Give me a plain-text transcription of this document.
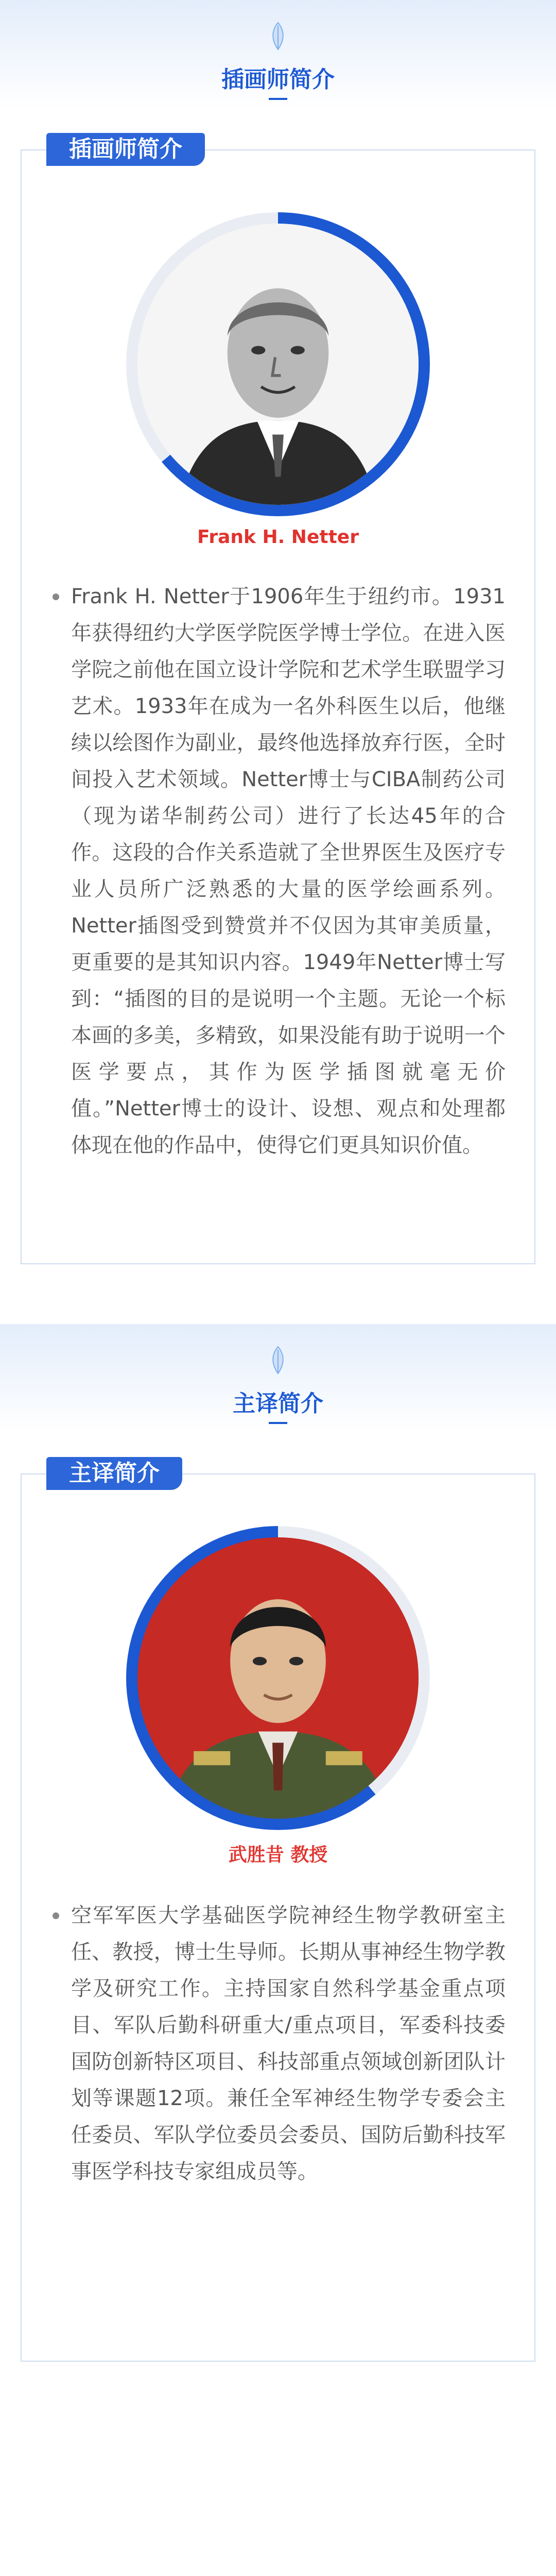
插画师简介
插画师简介
Frank H. Netter
Frank H. Netter于1906年生于纽约市。1931年获得纽约大学医学院医学博士学位。在进入医学院之前他在国立设计学院和艺术学生联盟学习艺术。1933年在成为一名外科医生以后，他继续以绘图作为副业，最终他选择放弃行医，全时间投入艺术领域。Netter博士与CIBA制药公司（现为诺华制药公司）进行了长达45年的合作。这段的合作关系造就了全世界医生及医疗专业人员所广泛熟悉的大量的医学绘画系列。Netter插图受到赞赏并不仅因为其审美质量，更重要的是其知识内容。1949年Netter博士写到：“插图的目的是说明一个主题。无论一个标本画的多美，多精致，如果没能有助于说明一个医学要点，其作为医学插图就毫无价值。”Netter博士的设计、设想、观点和处理都体现在他的作品中，使得它们更具知识价值。
主译简介
主译简介
武胜昔 教授
空军军医大学基础医学院神经生物学教研室主任、教授，博士生导师。长期从事神经生物学教学及研究工作。主持国家自然科学基金重点项目、军队后勤科研重大/重点项目，军委科技委国防创新特区项目、科技部重点领域创新团队计划等课题12项。兼任全军神经生物学专委会主任委员、军队学位委员会委员、国防后勤科技军事医学科技专家组成员等。
